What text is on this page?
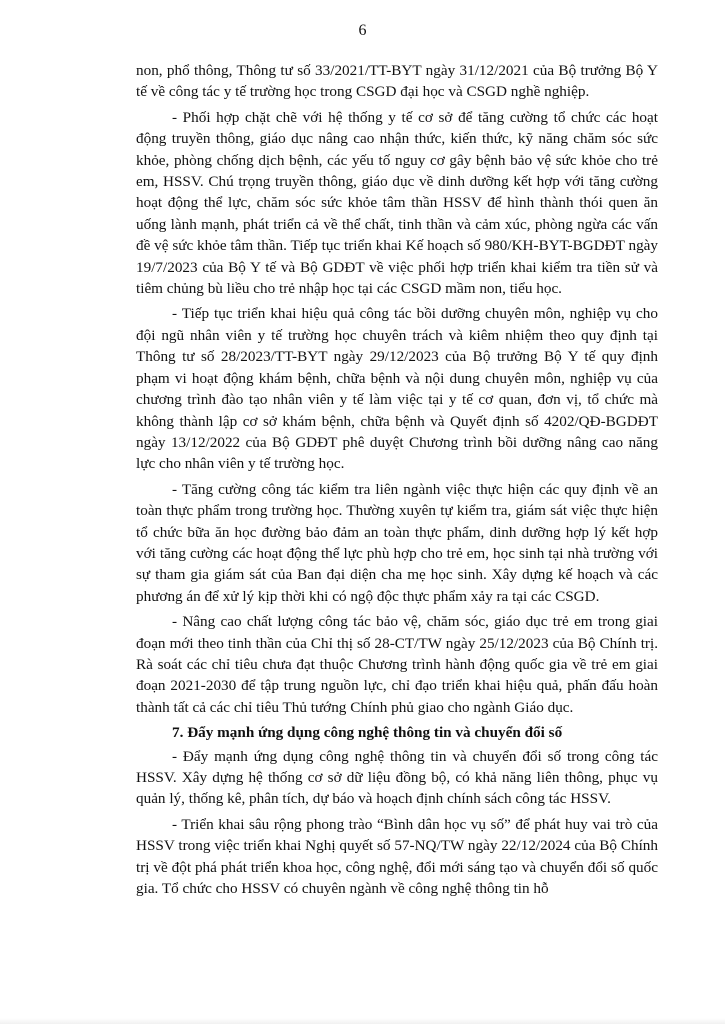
6

non, phổ thông, Thông tư số 33/2021/TT-BYT ngày 31/12/2021 của Bộ trưởng Bộ Y tế về công tác y tế trường học trong CSGD đại học và CSGD nghề nghiệp.

- Phối hợp chặt chẽ với hệ thống y tế cơ sở để tăng cường tổ chức các hoạt động truyền thông, giáo dục nâng cao nhận thức, kiến thức, kỹ năng chăm sóc sức khỏe, phòng chống dịch bệnh, các yếu tố nguy cơ gây bệnh bảo vệ sức khỏe cho trẻ em, HSSV. Chú trọng truyền thông, giáo dục về dinh dưỡng kết hợp với tăng cường hoạt động thể lực, chăm sóc sức khỏe tâm thần HSSV để hình thành thói quen ăn uống lành mạnh, phát triển cả về thể chất, tinh thần và cảm xúc, phòng ngừa các vấn đề vệ sức khỏe tâm thần. Tiếp tục triển khai Kế hoạch số 980/KH-BYT-BGDĐT ngày 19/7/2023 của Bộ Y tế và Bộ GDĐT về việc phối hợp triển khai kiểm tra tiền sử và tiêm chủng bù liều cho trẻ nhập học tại các CSGD mầm non, tiểu học.

- Tiếp tục triển khai hiệu quả công tác bồi dưỡng chuyên môn, nghiệp vụ cho đội ngũ nhân viên y tế trường học chuyên trách và kiêm nhiệm theo quy định tại Thông tư số 28/2023/TT-BYT ngày 29/12/2023 của Bộ trưởng Bộ Y tế quy định phạm vi hoạt động khám bệnh, chữa bệnh và nội dung chuyên môn, nghiệp vụ của chương trình đào tạo nhân viên y tế làm việc tại y tế cơ quan, đơn vị, tổ chức mà không thành lập cơ sở khám bệnh, chữa bệnh và Quyết định số 4202/QĐ-BGDĐT ngày 13/12/2022 của Bộ GDĐT phê duyệt Chương trình bồi dưỡng nâng cao năng lực cho nhân viên y tế trường học.

- Tăng cường công tác kiểm tra liên ngành việc thực hiện các quy định về an toàn thực phẩm trong trường học. Thường xuyên tự kiểm tra, giám sát việc thực hiện tổ chức bữa ăn học đường bảo đảm an toàn thực phẩm, dinh dưỡng hợp lý kết hợp với tăng cường các hoạt động thể lực phù hợp cho trẻ em, học sinh tại nhà trường với sự tham gia giám sát của Ban đại diện cha mẹ học sinh. Xây dựng kế hoạch và các phương án để xử lý kịp thời khi có ngộ độc thực phẩm xảy ra tại các CSGD.

- Nâng cao chất lượng công tác bảo vệ, chăm sóc, giáo dục trẻ em trong giai đoạn mới theo tinh thần của Chỉ thị số 28-CT/TW ngày 25/12/2023 của Bộ Chính trị. Rà soát các chỉ tiêu chưa đạt thuộc Chương trình hành động quốc gia về trẻ em giai đoạn 2021-2030 để tập trung nguồn lực, chỉ đạo triển khai hiệu quả, phấn đấu hoàn thành tất cả các chỉ tiêu Thủ tướng Chính phủ giao cho ngành Giáo dục.

7. Đẩy mạnh ứng dụng công nghệ thông tin và chuyển đổi số

- Đẩy mạnh ứng dụng công nghệ thông tin và chuyển đổi số trong công tác HSSV. Xây dựng hệ thống cơ sở dữ liệu đồng bộ, có khả năng liên thông, phục vụ quản lý, thống kê, phân tích, dự báo và hoạch định chính sách công tác HSSV.

- Triển khai sâu rộng phong trào “Bình dân học vụ số” để phát huy vai trò của HSSV trong việc triển khai Nghị quyết số 57-NQ/TW ngày 22/12/2024 của Bộ Chính trị về đột phá phát triển khoa học, công nghệ, đổi mới sáng tạo và chuyển đổi số quốc gia. Tổ chức cho HSSV có chuyên ngành về công nghệ thông tin hỗ
